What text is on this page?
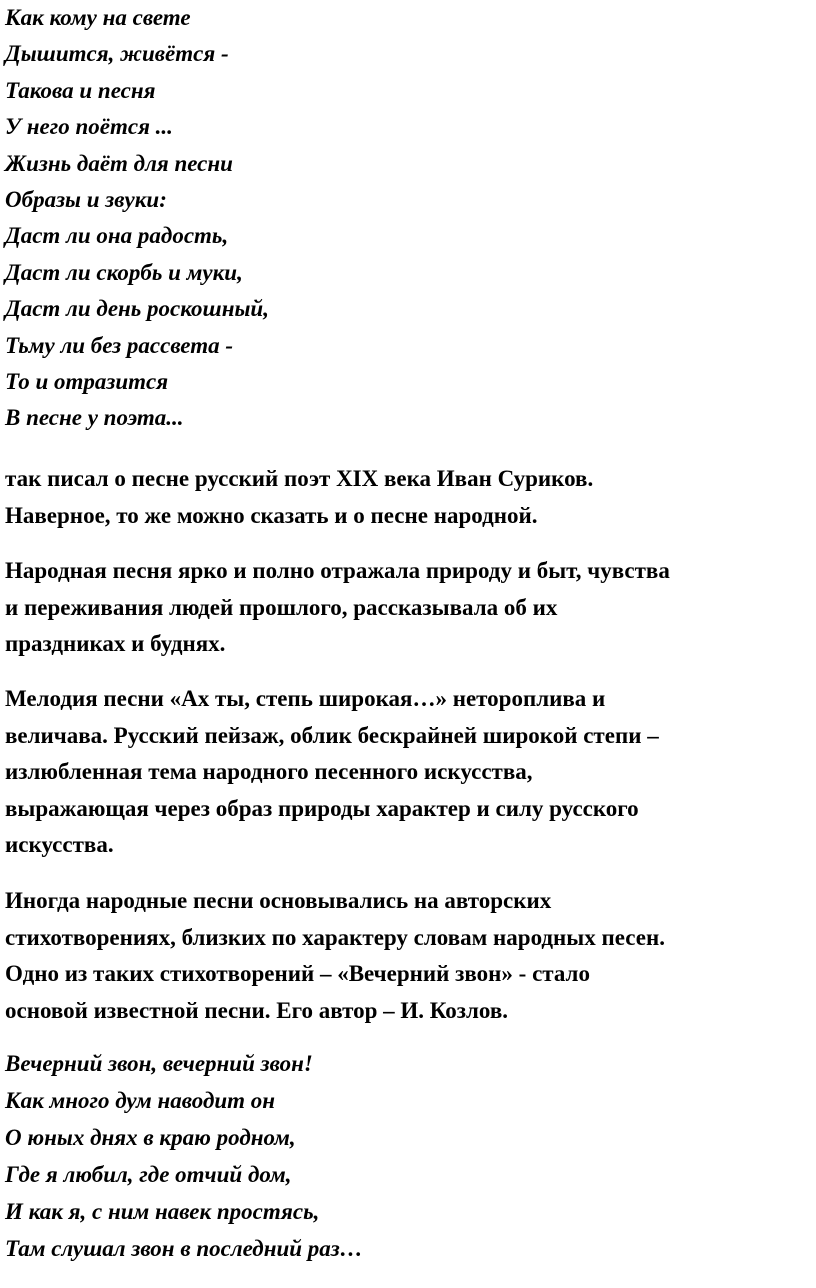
Как кому на свете
Дышится, живётся -
Такова и песня
У него поётся ...
Жизнь даёт для песни
Образы и звуки:
Даст ли она радость,
Даст ли скорбь и муки,
Даст ли день роскошный,
Тьму ли без рассвета -
То и отразится
В песне у поэта...

так писал о песне русский поэт XIX века Иван Суриков.
Наверное, то же можно сказать и о песне народной.

Народная песня ярко и полно отражала природу и быт, чувства
и переживания людей прошлого, рассказывала об их
праздниках и буднях.

Мелодия песни «Ах ты, степь широкая…» нетороплива и
величава. Русский пейзаж, облик бескрайней широкой степи –
излюбленная тема народного песенного искусства,
выражающая через образ природы характер и силу русского
искусства.

Иногда народные песни основывались на авторских
стихотворениях, близких по характеру словам народных песен.
Одно из таких стихотворений – «Вечерний звон» - стало
основой известной песни. Его автор – И. Козлов.

Вечерний звон, вечерний звон!
Как много дум наводит он
О юных днях в краю родном,
Где я любил, где отчий дом,
И как я, с ним навек простясь,
Там слушал звон в последний раз…
